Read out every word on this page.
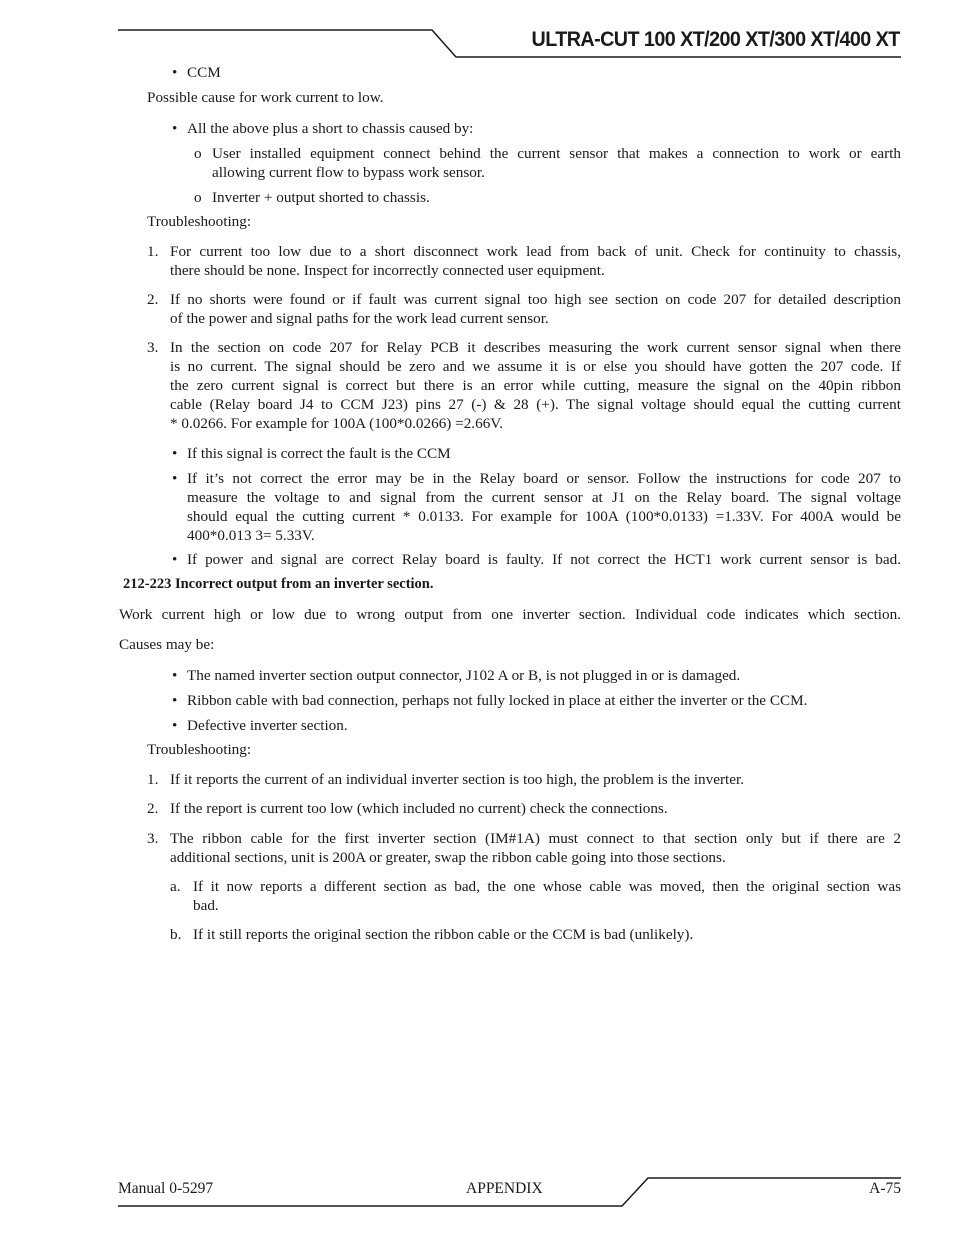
ULTRA-CUT 100 XT/200 XT/300 XT/400 XT
• CCM
Possible cause for work current to low.
• All the above plus a short to chassis caused by:
o User installed equipment connect behind the current sensor that makes a connection to work or earth
allowing current flow to bypass work sensor.
o Inverter + output shorted to chassis.
Troubleshooting:
1. For current too low due to a short disconnect work lead from back of unit. Check for continuity to chassis,
there should be none. Inspect for incorrectly connected user equipment.
2. If no shorts were found or if fault was current signal too high see section on code 207 for detailed description
of the power and signal paths for the work lead current sensor.
3. In the section on code 207 for Relay PCB it describes measuring the work current sensor signal when there
is no current. The signal should be zero and we assume it is or else you should have gotten the 207 code. If
the zero current signal is correct but there is an error while cutting, measure the signal on the 40pin ribbon
cable (Relay board J4 to CCM J23) pins 27 (-) & 28 (+). The signal voltage should equal the cutting current
* 0.0266. For example for 100A (100*0.0266) =2.66V.
• If this signal is correct the fault is the CCM
• If it’s not correct the error may be in the Relay board or sensor. Follow the instructions for code 207 to
measure the voltage to and signal from the current sensor at J1 on the Relay board. The signal voltage
should equal the cutting current * 0.0133. For example for 100A (100*0.0133) =1.33V. For 400A would be
400*0.013 3= 5.33V.
• If power and signal are correct Relay board is faulty. If not correct the HCT1 work current sensor is bad.
212-223 Incorrect output from an inverter section.
Work current high or low due to wrong output from one inverter section. Individual code indicates which section.
Causes may be:
• The named inverter section output connector, J102 A or B, is not plugged in or is damaged.
• Ribbon cable with bad connection, perhaps not fully locked in place at either the inverter or the CCM.
• Defective inverter section.
Troubleshooting:
1. If it reports the current of an individual inverter section is too high, the problem is the inverter.
2. If the report is current too low (which included no current) check the connections.
3. The ribbon cable for the first inverter section (IM#1A) must connect to that section only but if there are 2
additional sections, unit is 200A or greater, swap the ribbon cable going into those sections.
a. If it now reports a different section as bad, the one whose cable was moved, then the original section was
bad.
b. If it still reports the original section the ribbon cable or the CCM is bad (unlikely).
Manual 0-5297	APPENDIX	A-75
